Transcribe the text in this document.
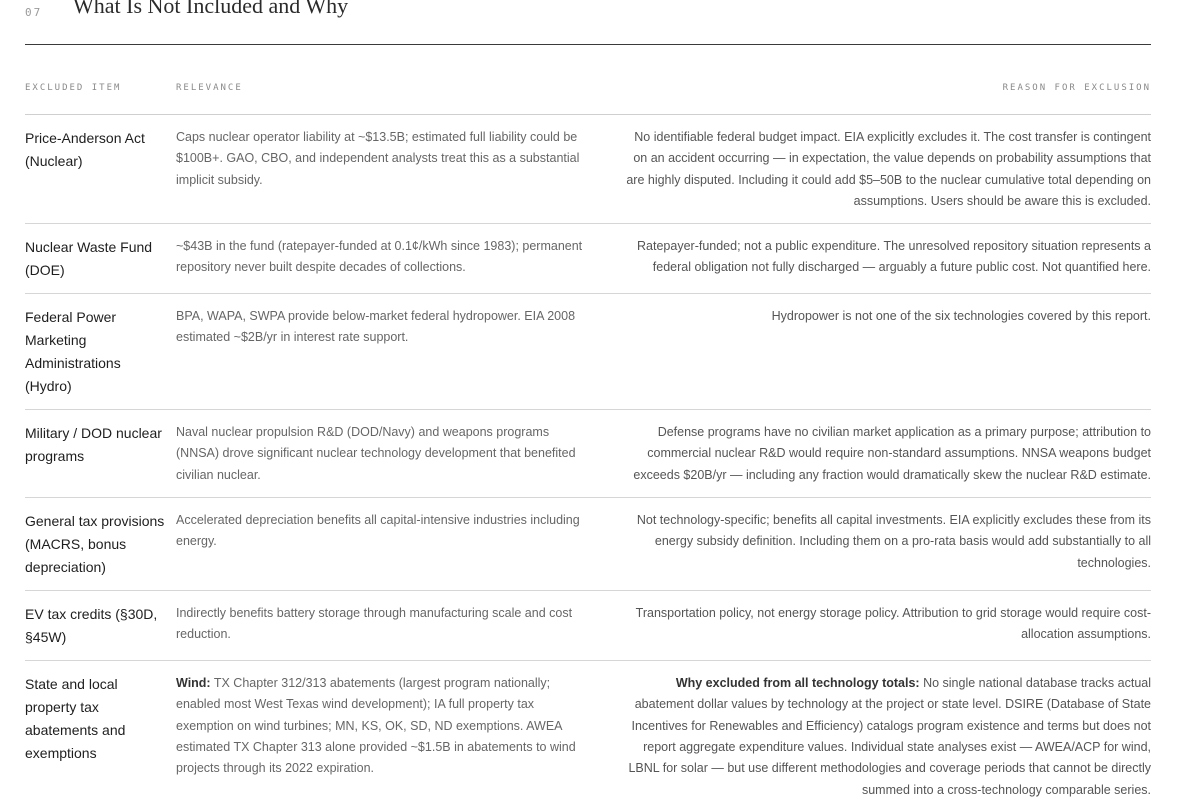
07 What Is Not Included and Why
EXCLUDED ITEM	RELEVANCE	REASON FOR EXCLUSION
Price-Anderson Act (Nuclear)
Caps nuclear operator liability at ~$13.5B; estimated full liability could be $100B+. GAO, CBO, and independent analysts treat this as a substantial implicit subsidy.
No identifiable federal budget impact. EIA explicitly excludes it. The cost transfer is contingent on an accident occurring — in expectation, the value depends on probability assumptions that are highly disputed. Including it could add $5–50B to the nuclear cumulative total depending on assumptions. Users should be aware this is excluded.
Nuclear Waste Fund (DOE)
~$43B in the fund (ratepayer-funded at 0.1¢/kWh since 1983); permanent repository never built despite decades of collections.
Ratepayer-funded; not a public expenditure. The unresolved repository situation represents a federal obligation not fully discharged — arguably a future public cost. Not quantified here.
Federal Power Marketing Administrations (Hydro)
BPA, WAPA, SWPA provide below-market federal hydropower. EIA 2008 estimated ~$2B/yr in interest rate support.
Hydropower is not one of the six technologies covered by this report.
Military / DOD nuclear programs
Naval nuclear propulsion R&D (DOD/Navy) and weapons programs (NNSA) drove significant nuclear technology development that benefited civilian nuclear.
Defense programs have no civilian market application as a primary purpose; attribution to commercial nuclear R&D would require non-standard assumptions. NNSA weapons budget exceeds $20B/yr — including any fraction would dramatically skew the nuclear R&D estimate.
General tax provisions (MACRS, bonus depreciation)
Accelerated depreciation benefits all capital-intensive industries including energy.
Not technology-specific; benefits all capital investments. EIA explicitly excludes these from its energy subsidy definition. Including them on a pro-rata basis would add substantially to all technologies.
EV tax credits (§30D, §45W)
Indirectly benefits battery storage through manufacturing scale and cost reduction.
Transportation policy, not energy storage policy. Attribution to grid storage would require cost-allocation assumptions.
State and local property tax abatements and exemptions
Wind: TX Chapter 312/313 abatements (largest program nationally; enabled most West Texas wind development); IA full property tax exemption on wind turbines; MN, KS, OK, SD, ND exemptions. AWEA estimated TX Chapter 313 alone provided ~$1.5B in abatements to wind projects through its 2022 expiration.
Why excluded from all technology totals: No single national database tracks actual abatement dollar values by technology at the project or state level. DSIRE (Database of State Incentives for Renewables and Efficiency) catalogs program existence and terms but does not report aggregate expenditure values. Individual state analyses exist — AWEA/ACP for wind, LBNL for solar — but use different methodologies and coverage periods that cannot be directly summed into a cross-technology comparable series.
